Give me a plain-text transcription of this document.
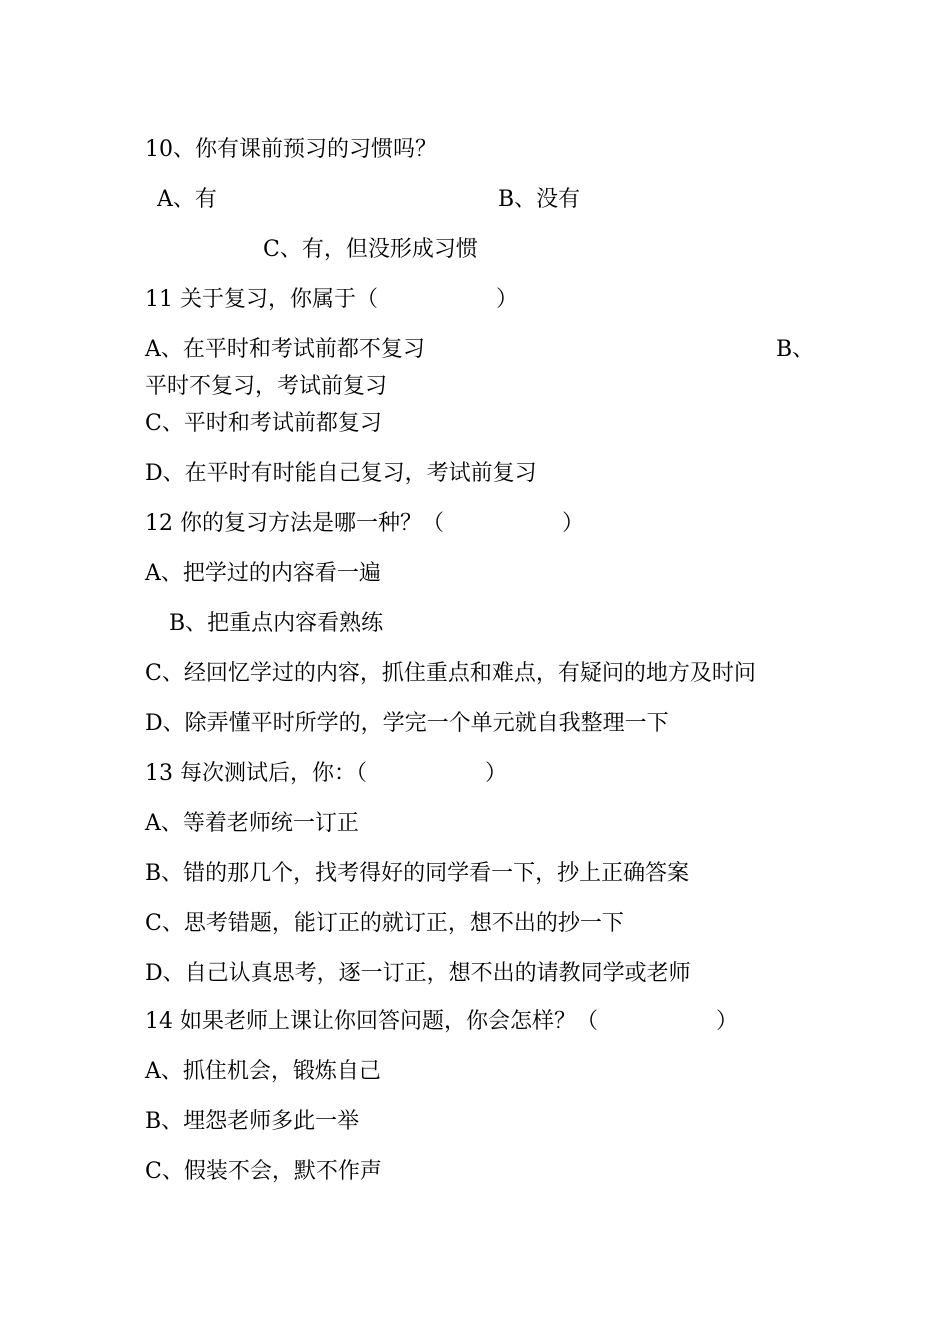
10、你有课前预习的习惯吗？
A、有	B、没有
C、有，但没形成习惯
11 关于复习，你属于（	）
A、在平时和考试前都不复习	B、
平时不复习，考试前复习
C、平时和考试前都复习
D、在平时有时能自己复习，考试前复习
12 你的复习方法是哪一种？（	）
A、把学过的内容看一遍
B、把重点内容看熟练
C、经回忆学过的内容，抓住重点和难点，有疑问的地方及时问
D、除弄懂平时所学的，学完一个单元就自我整理一下
13 每次测试后，你：（	）
A、等着老师统一订正
B、错的那几个，找考得好的同学看一下，抄上正确答案
C、思考错题，能订正的就订正，想不出的抄一下
D、自己认真思考，逐一订正，想不出的请教同学或老师
14 如果老师上课让你回答问题，你会怎样？（	）
A、抓住机会，锻炼自己
B、埋怨老师多此一举
C、假装不会，默不作声
